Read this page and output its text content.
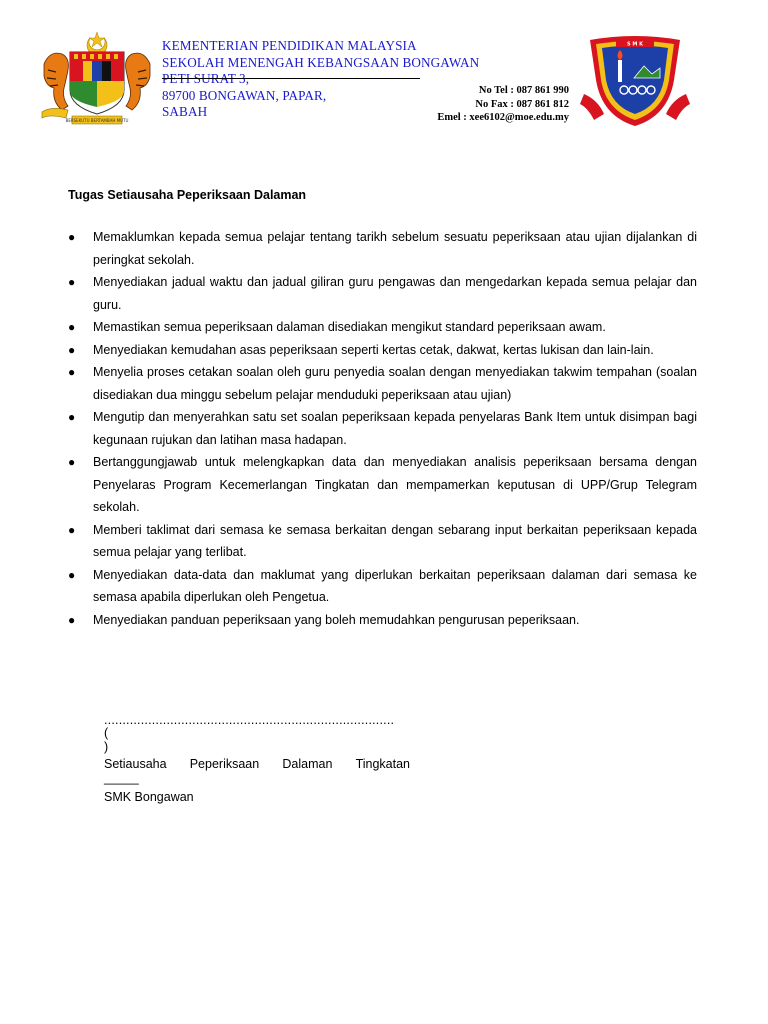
BERSEKUTU BERTAMBAH MUTU
KEMENTERIAN PENDIDIKAN MALAYSIA
SEKOLAH MENENGAH KEBANGSAAN BONGAWAN
PETI SURAT 3,
89700 BONGAWAN, PAPAR,
SABAH
No Tel : 087 861 990
No Fax : 087 861 812
Emel : xee6102@moe.edu.my
S M K
Tugas Setiausaha Peperiksaan Dalaman
● Memaklumkan kepada semua pelajar tentang tarikh sebelum sesuatu peperiksaan atau ujian dijalankan di peringkat sekolah.
● Menyediakan jadual waktu dan jadual giliran guru pengawas dan mengedarkan kepada semua pelajar dan guru.
● Memastikan semua peperiksaan dalaman disediakan mengikut standard peperiksaan awam.
● Menyediakan kemudahan asas peperiksaan seperti kertas cetak, dakwat, kertas lukisan dan lain-lain.
● Menyelia proses cetakan soalan oleh guru penyedia soalan dengan menyediakan takwim tempahan (soalan disediakan dua minggu sebelum pelajar menduduki peperiksaan atau ujian)
● Mengutip dan menyerahkan satu set soalan peperiksaan kepada penyelaras Bank Item untuk disimpan bagi kegunaan rujukan dan latihan masa hadapan.
● Bertanggungjawab untuk melengkapkan data dan menyediakan analisis peperiksaan bersama dengan Penyelaras Program Kecemerlangan Tingkatan dan mempamerkan keputusan di UPP/Grup Telegram sekolah.
● Memberi taklimat dari semasa ke semasa berkaitan dengan sebarang input berkaitan peperiksaan kepada semua pelajar yang terlibat.
● Menyediakan data-data dan maklumat yang diperlukan berkaitan peperiksaan dalaman dari semasa ke semasa apabila diperlukan oleh Pengetua.
● Menyediakan panduan peperiksaan yang boleh memudahkan pengurusan peperiksaan.
...............................................................................
(
)
Setiausaha Peperiksaan Dalaman Tingkatan
_____
SMK Bongawan
